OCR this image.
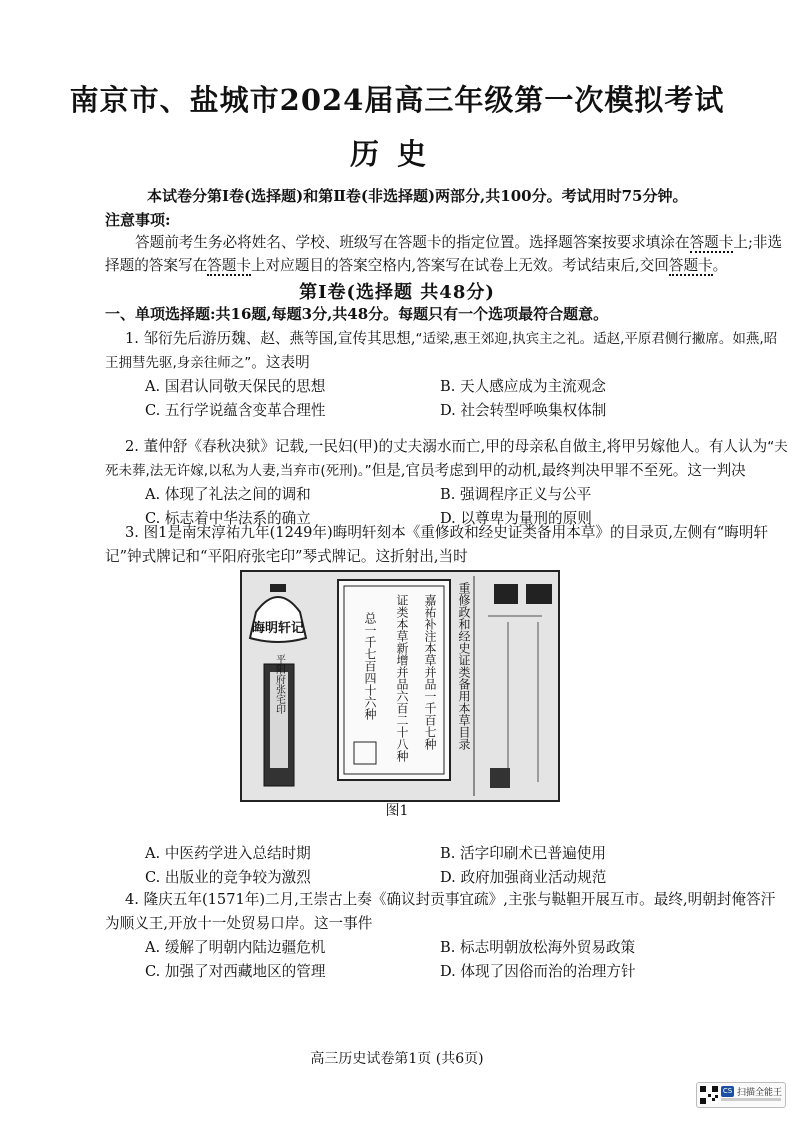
南京市、盐城市2024届高三年级第一次模拟考试
历史
本试卷分第Ⅰ卷(选择题)和第Ⅱ卷(非选择题)两部分,共100分。考试用时75分钟。
注意事项:
答题前考生务必将姓名、学校、班级写在答题卡的指定位置。选择题答案按要求填涂在答题卡上;非选择题的答案写在答题卡上对应题目的答案空格内,答案写在试卷上无效。考试结束后,交回答题卡。
第Ⅰ卷(选择题 共48分)
一、单项选择题:共16题,每题3分,共48分。每题只有一个选项最符合题意。
1. 邹衍先后游历魏、赵、燕等国,宣传其思想,“适梁,惠王郊迎,执宾主之礼。适赵,平原君侧行撇席。如燕,昭王拥彗先驱,身亲往师之”。这表明
A. 国君认同敬天保民的思想	B. 天人感应成为主流观念
C. 五行学说蕴含变革合理性	D. 社会转型呼唤集权体制
2. 董仲舒《春秋决狱》记载,一民妇(甲)的丈夫溺水而亡,甲的母亲私自做主,将甲另嫁他人。有人认为“夫死未葬,法无许嫁,以私为人妻,当弃市(死刑)。”但是,官员考虑到甲的动机,最终判决甲罪不至死。这一判决
A. 体现了礼法之间的调和	B. 强调程序正义与公平
C. 标志着中华法系的确立	D. 以尊卑为量刑的原则
3. 图1是南宋淳祐九年(1249年)晦明轩刻本《重修政和经史证类备用本草》的目录页,左侧有“晦明轩记”钟式牌记和“平阳府张宅印”琴式牌记。这折射出,当时
晦明轩记
平阳府张宅印	嘉祐补注本草并品一千百七种
证类本草新增并品六百二十八种
总一千七百四十六种	重修政和经史证类备用本草目录
图1
A. 中医药学进入总结时期	B. 活字印刷术已普遍使用
C. 出版业的竞争较为激烈	D. 政府加强商业活动规范
4. 隆庆五年(1571年)二月,王崇古上奏《确议封贡事宜疏》,主张与鞑靼开展互市。最终,明朝封俺答汗为顺义王,开放十一处贸易口岸。这一事件
A. 缓解了明朝内陆边疆危机	B. 标志明朝放松海外贸易政策
C. 加强了对西藏地区的管理	D. 体现了因俗而治的治理方针
高三历史试卷第1页 (共6页)
CS 扫描全能王
